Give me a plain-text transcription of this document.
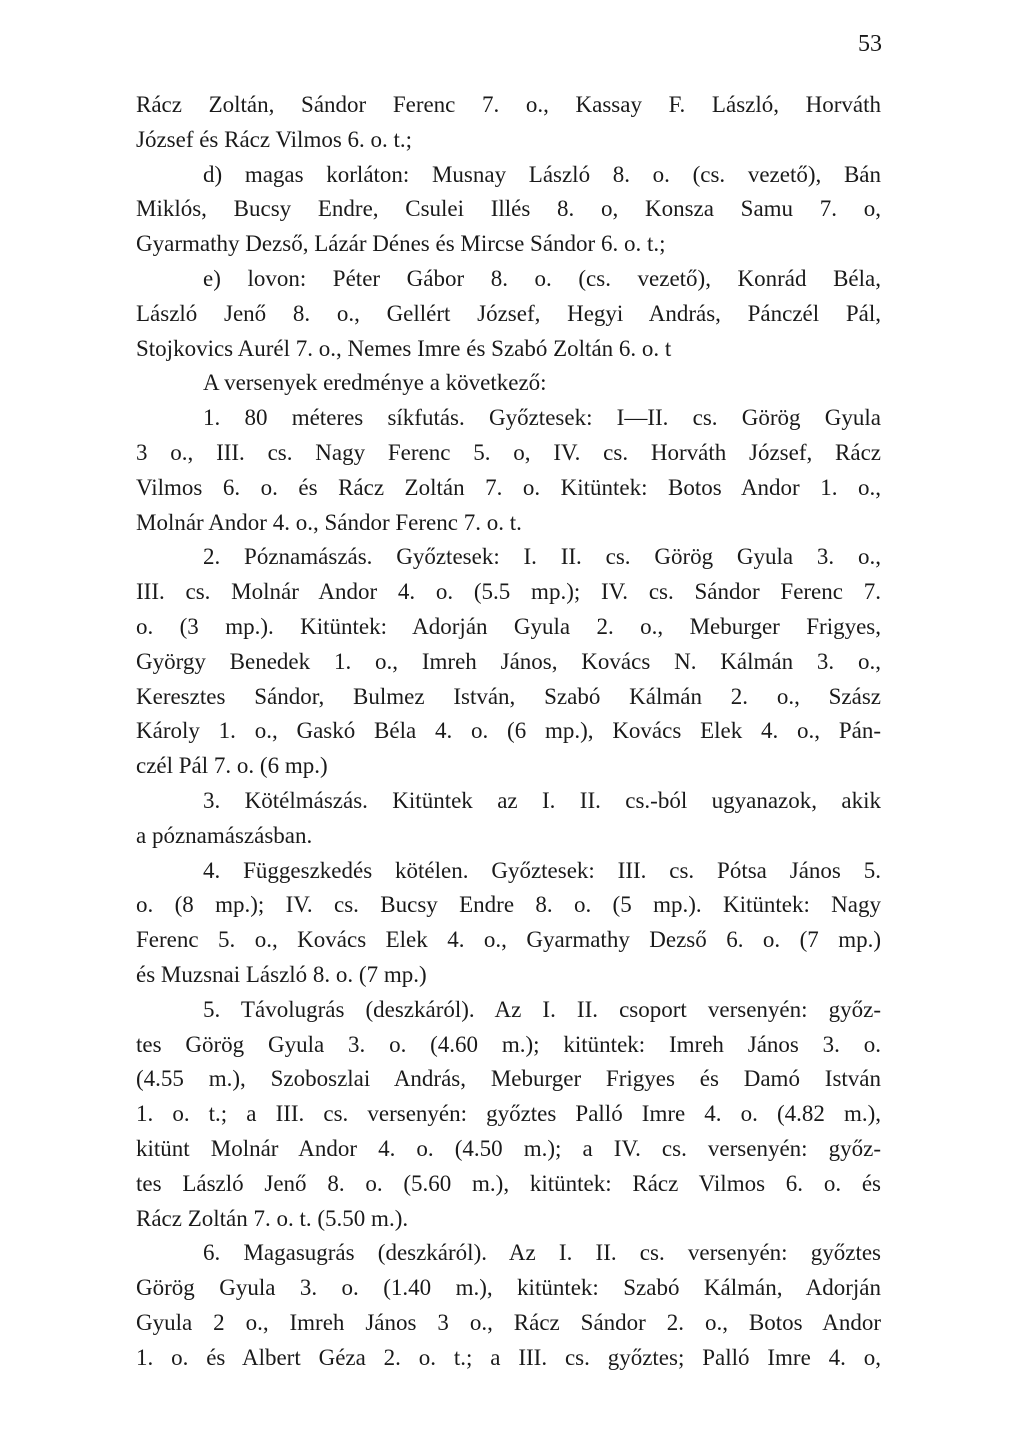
53
Rácz Zoltán, Sándor Ferenc 7. o., Kassay F. László, Horváth
József és Rácz Vilmos 6. o. t.;
d) magas korláton: Musnay László 8. o. (cs. vezető), Bán
Miklós, Bucsy Endre, Csulei Illés 8. o, Konsza Samu 7. o,
Gyarmathy Dezső, Lázár Dénes és Mircse Sándor 6. o. t.;
e) lovon: Péter Gábor 8. o. (cs. vezető), Konrád Béla,
László Jenő 8. o., Gellért József, Hegyi András, Pánczél Pál,
Stojkovics Aurél 7. o., Nemes Imre és Szabó Zoltán 6. o. t
A versenyek eredménye a következő:
1. 80 méteres síkfutás. Győztesek: I—II. cs. Görög Gyula
3 o., III. cs. Nagy Ferenc 5. o, IV. cs. Horváth József, Rácz
Vilmos 6. o. és Rácz Zoltán 7. o. Kitüntek: Botos Andor 1. o.,
Molnár Andor 4. o., Sándor Ferenc 7. o. t.
2. Póznamászás. Győztesek: I. II. cs. Görög Gyula 3. o.,
III. cs. Molnár Andor 4. o. (5.5 mp.); IV. cs. Sándor Ferenc 7.
o. (3 mp.). Kitüntek: Adorján Gyula 2. o., Meburger Frigyes,
György Benedek 1. o., Imreh János, Kovács N. Kálmán 3. o.,
Keresztes Sándor, Bulmez István, Szabó Kálmán 2. o., Szász
Károly 1. o., Gaskó Béla 4. o. (6 mp.), Kovács Elek 4. o., Pán-
czél Pál 7. o. (6 mp.)
3. Kötélmászás. Kitüntek az I. II. cs.-ból ugyanazok, akik
a póznamászásban.
4. Függeszkedés kötélen. Győztesek: III. cs. Pótsa János 5.
o. (8 mp.); IV. cs. Bucsy Endre 8. o. (5 mp.). Kitüntek: Nagy
Ferenc 5. o., Kovács Elek 4. o., Gyarmathy Dezső 6. o. (7 mp.)
és Muzsnai László 8. o. (7 mp.)
5. Távolugrás (deszkáról). Az I. II. csoport versenyén: győz-
tes Görög Gyula 3. o. (4.60 m.); kitüntek: Imreh János 3. o.
(4.55 m.), Szoboszlai András, Meburger Frigyes és Damó István
1. o. t.; a III. cs. versenyén: győztes Palló Imre 4. o. (4.82 m.),
kitünt Molnár Andor 4. o. (4.50 m.); a IV. cs. versenyén: győz-
tes László Jenő 8. o. (5.60 m.), kitüntek: Rácz Vilmos 6. o. és
Rácz Zoltán 7. o. t. (5.50 m.).
6. Magasugrás (deszkáról). Az I. II. cs. versenyén: győztes
Görög Gyula 3. o. (1.40 m.), kitüntek: Szabó Kálmán, Adorján
Gyula 2 o., Imreh János 3 o., Rácz Sándor 2. o., Botos Andor
1. o. és Albert Géza 2. o. t.; a III. cs. győztes; Palló Imre 4. o,
